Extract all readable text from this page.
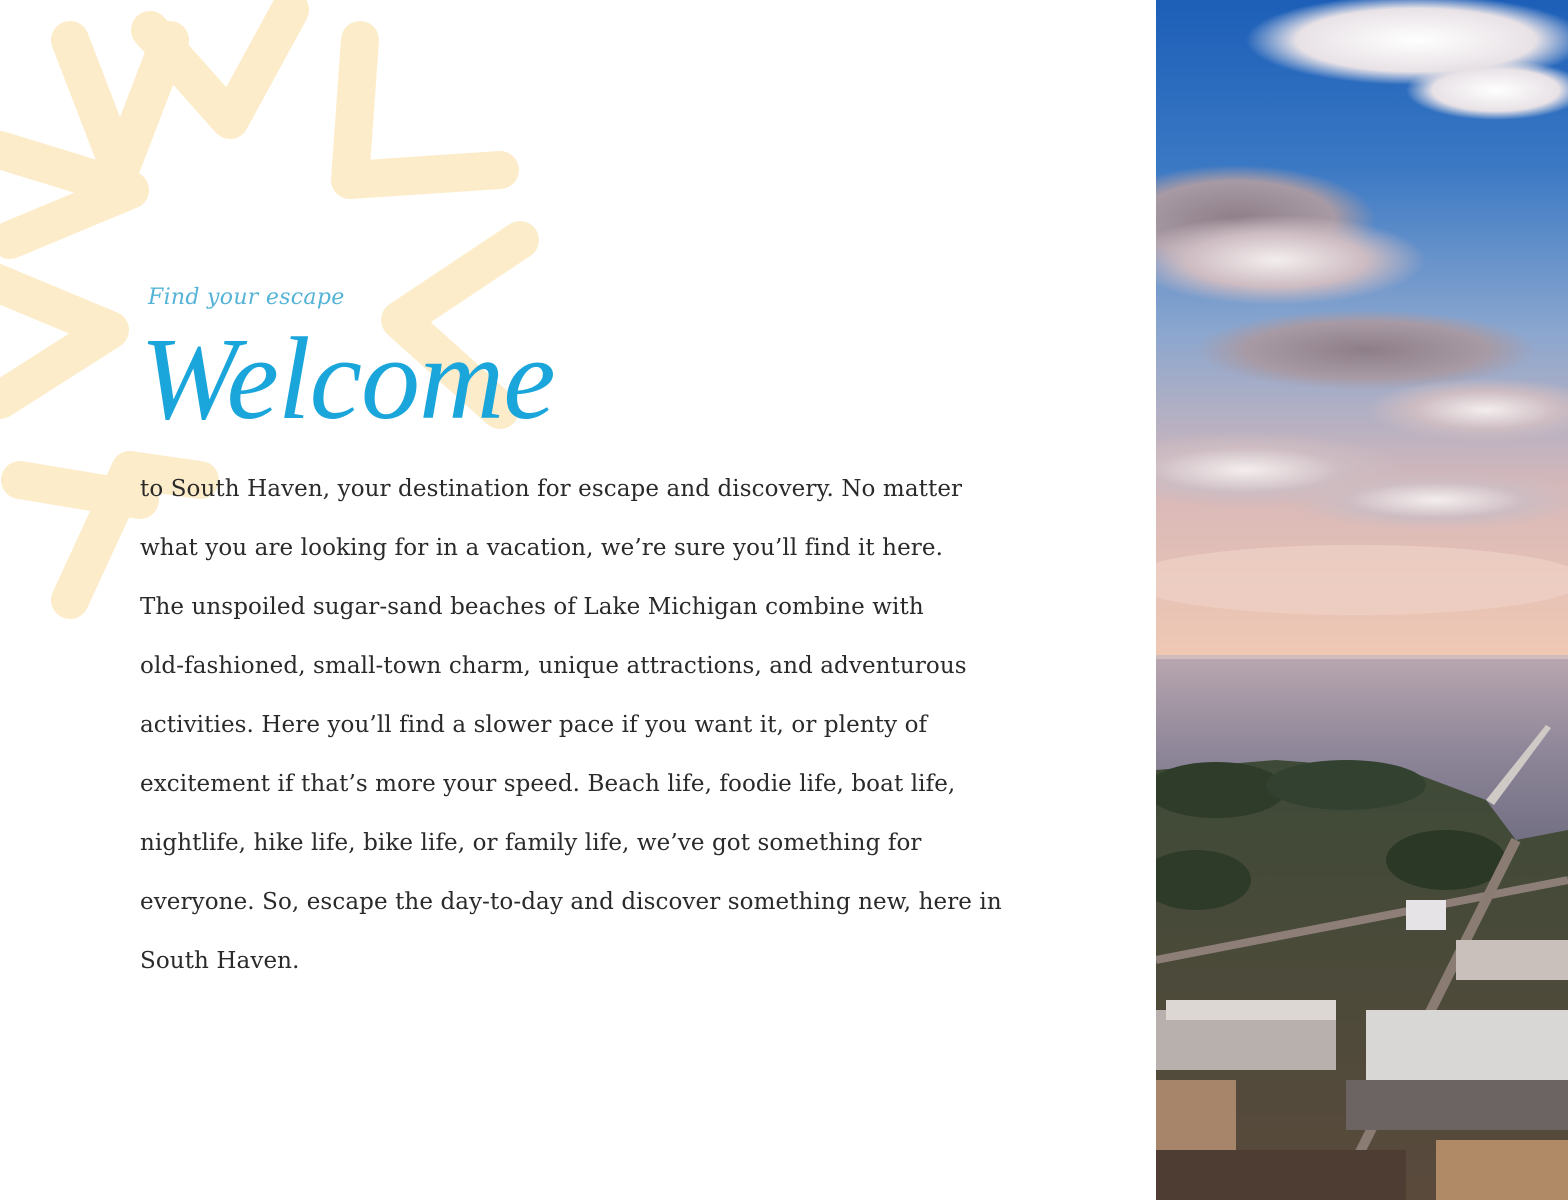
Find your escape

Welcome
to South Haven, your destination for escape and discovery. No matter
what you are looking for in a vacation, we’re sure you’ll find it here.
The unspoiled sugar-sand beaches of Lake Michigan combine with
old-fashioned, small-town charm, unique attractions, and adventurous
activities. Here you’ll find a slower pace if you want it, or plenty of
excitement if that’s more your speed. Beach life, foodie life, boat life,
nightlife, hike life, bike life, or family life, we’ve got something for
everyone. So, escape the day-to-day and discover something new, here in
South Haven.
